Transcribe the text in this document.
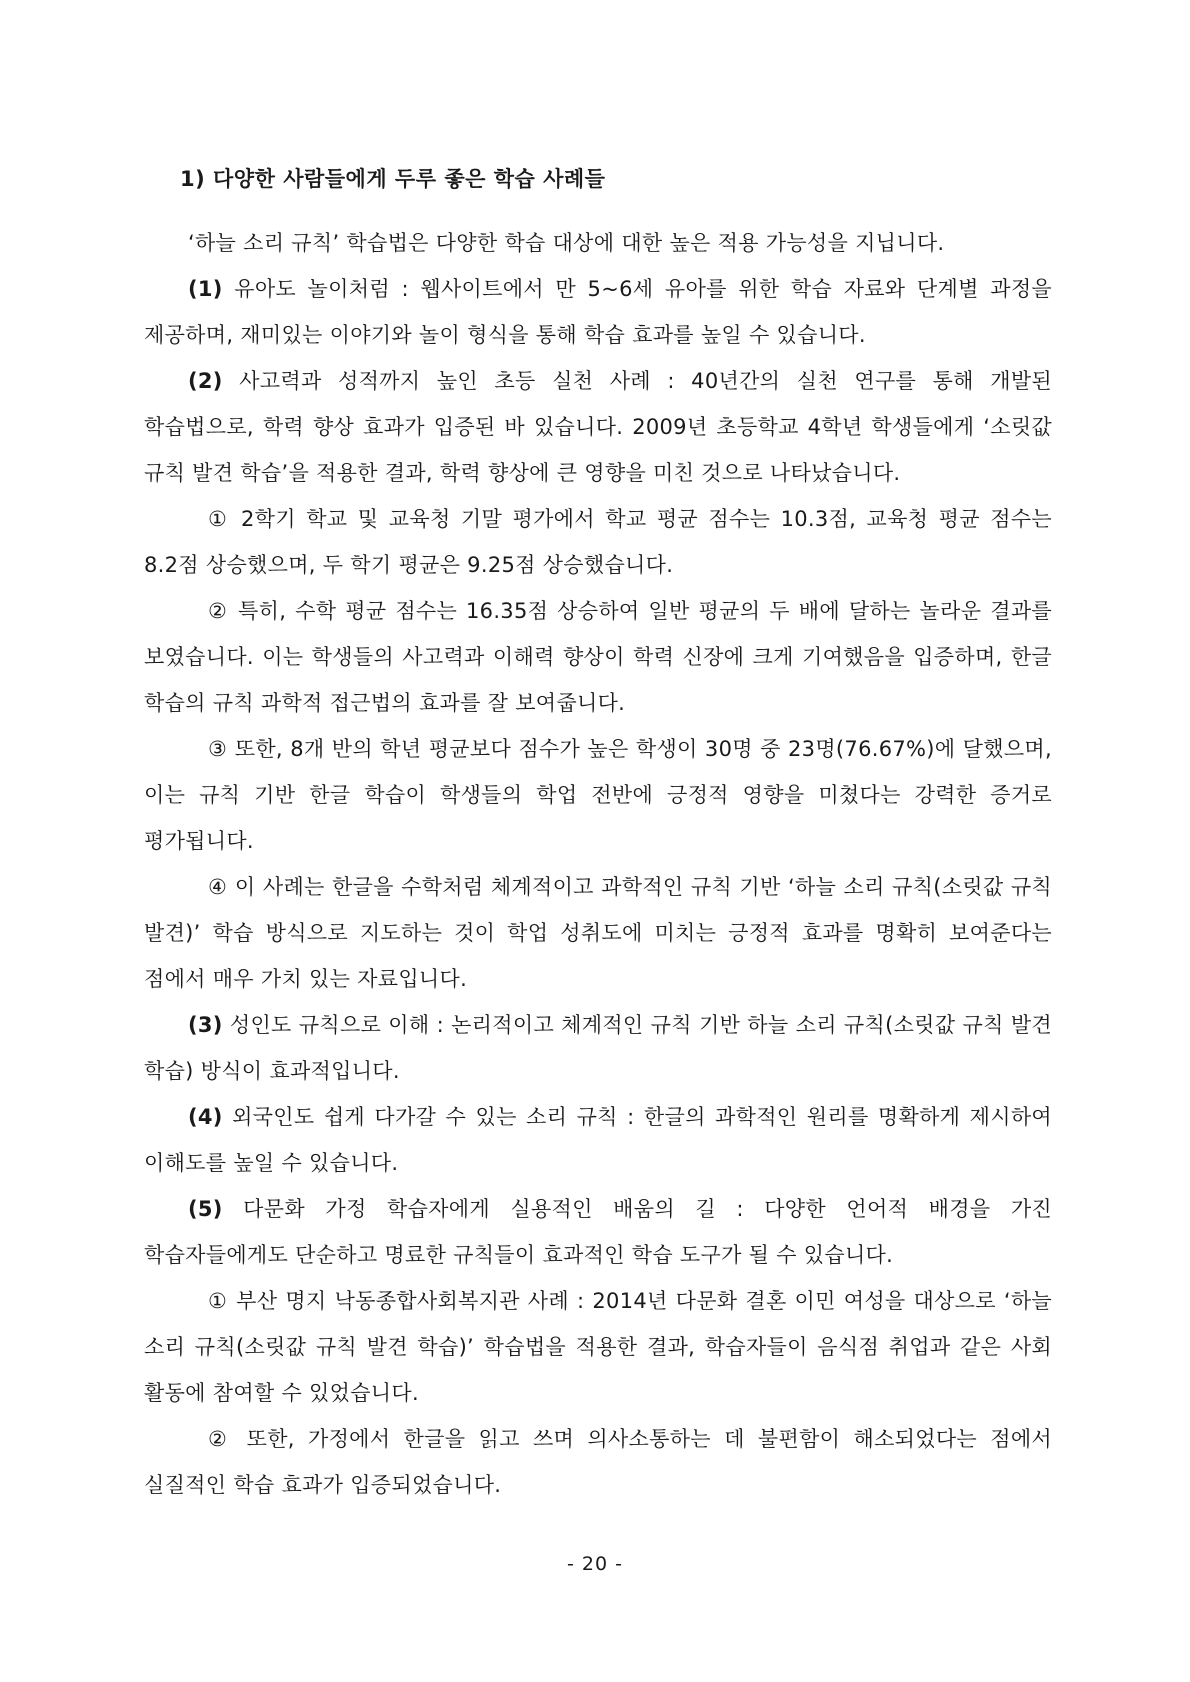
1) 다양한 사람들에게 두루 좋은 학습 사례들

‘하늘 소리 규칙’ 학습법은 다양한 학습 대상에 대한 높은 적용 가능성을 지닙니다.

(1) 유아도 놀이처럼 : 웹사이트에서 만 5~6세 유아를 위한 학습 자료와 단계별 과정을 제공하며, 재미있는 이야기와 놀이 형식을 통해 학습 효과를 높일 수 있습니다.

(2) 사고력과 성적까지 높인 초등 실천 사례 : 40년간의 실천 연구를 통해 개발된 학습법으로, 학력 향상 효과가 입증된 바 있습니다. 2009년 초등학교 4학년 학생들에게 ‘소릿값 규칙 발견 학습’을 적용한 결과, 학력 향상에 큰 영향을 미친 것으로 나타났습니다.

① 2학기 학교 및 교육청 기말 평가에서 학교 평균 점수는 10.3점, 교육청 평균 점수는 8.2점 상승했으며, 두 학기 평균은 9.25점 상승했습니다.

② 특히, 수학 평균 점수는 16.35점 상승하여 일반 평균의 두 배에 달하는 놀라운 결과를 보였습니다. 이는 학생들의 사고력과 이해력 향상이 학력 신장에 크게 기여했음을 입증하며, 한글 학습의 규칙 과학적 접근법의 효과를 잘 보여줍니다.

③ 또한, 8개 반의 학년 평균보다 점수가 높은 학생이 30명 중 23명(76.67%)에 달했으며, 이는 규칙 기반 한글 학습이 학생들의 학업 전반에 긍정적 영향을 미쳤다는 강력한 증거로 평가됩니다.

④ 이 사례는 한글을 수학처럼 체계적이고 과학적인 규칙 기반 ‘하늘 소리 규칙(소릿값 규칙 발견)’ 학습 방식으로 지도하는 것이 학업 성취도에 미치는 긍정적 효과를 명확히 보여준다는 점에서 매우 가치 있는 자료입니다.

(3) 성인도 규칙으로 이해 : 논리적이고 체계적인 규칙 기반 하늘 소리 규칙(소릿값 규칙 발견 학습) 방식이 효과적입니다.

(4) 외국인도 쉽게 다가갈 수 있는 소리 규칙 : 한글의 과학적인 원리를 명확하게 제시하여 이해도를 높일 수 있습니다.

(5) 다문화 가정 학습자에게 실용적인 배움의 길 : 다양한 언어적 배경을 가진 학습자들에게도 단순하고 명료한 규칙들이 효과적인 학습 도구가 될 수 있습니다.

① 부산 명지 낙동종합사회복지관 사례 : 2014년 다문화 결혼 이민 여성을 대상으로 ‘하늘 소리 규칙(소릿값 규칙 발견 학습)’ 학습법을 적용한 결과, 학습자들이 음식점 취업과 같은 사회 활동에 참여할 수 있었습니다.

② 또한, 가정에서 한글을 읽고 쓰며 의사소통하는 데 불편함이 해소되었다는 점에서 실질적인 학습 효과가 입증되었습니다.

- 20 -
